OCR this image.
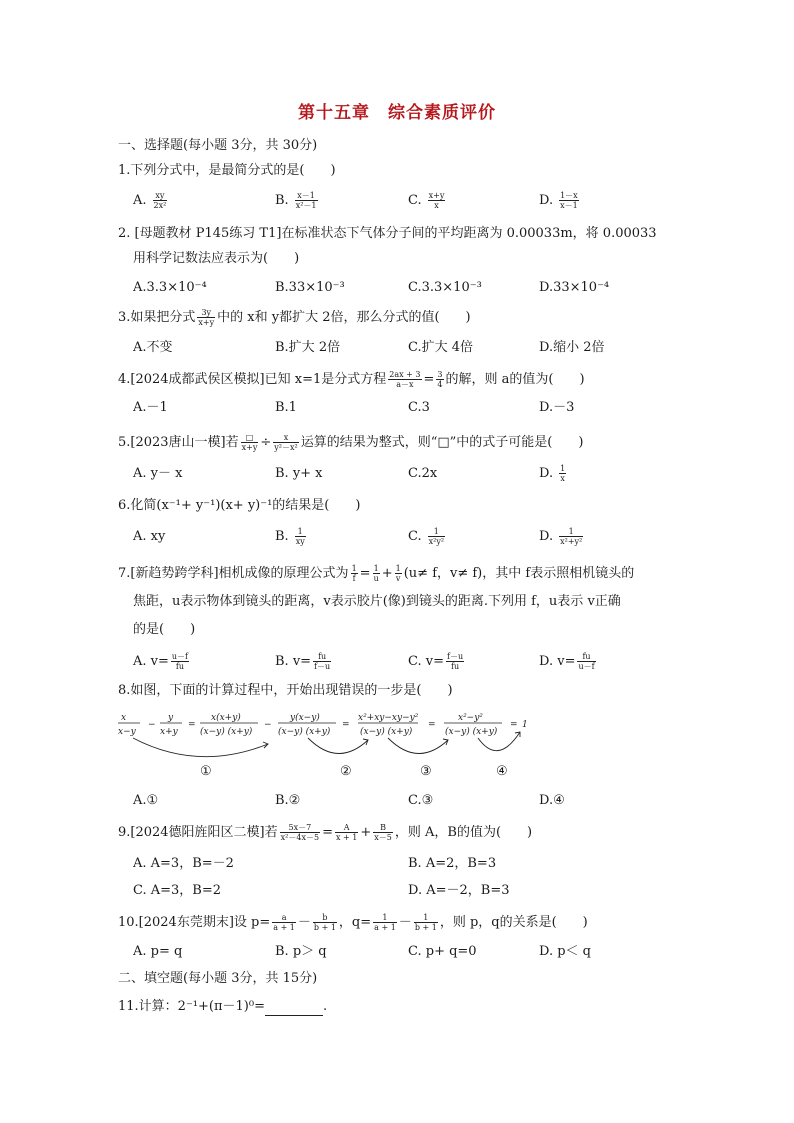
第十五章　综合素质评价
一、选择题(每小题 3分，共 30分)
1.下列分式中，是最简分式的是(　　)
A. $\frac{xy}{\text{2x²}}$	B. $\frac{x-1}{\text{x²－1}}$	C. $\frac{x+y}{x}$	D. $\frac{1-x}{x-1}$
2. [母题教材 P145练习 T1]在标准状态下气体分子间的平均距离为 0.00033m，将 0.00033
用科学记数法应表示为(　　)
A.3.3×10⁻⁴	B.33×10⁻³	C.3.3×10⁻³	D.33×10⁻⁴
3.如果把分式 $\frac{3y}{x+y}$ 中的 x和 y都扩大 2倍，那么分式的值(　　)
A.不变	B.扩大 2倍	C.扩大 4倍	D.缩小 2倍
4.[2024成都武侯区模拟]已知 x=1是分式方程 $\frac{2ax + 3}{a-x} = \frac{3}{4}$ 的解，则 a的值为(　　)
A.－1	B.1	C.3	D.－3
5.[2023唐山一模]若 $\frac{□}{x+y} \div \frac{x}{\text{y²－x²}}$ 运算的结果为整式，则“□”中的式子可能是(　　)
A. y－ x	B. y+ x	C.2x	D. $\frac{1}{x}$
6.化简(x⁻¹+ y⁻¹)(x+ y)⁻¹的结果是(　　)
A. xy	B. $\frac{1}{xy}$	C. $\frac{1}{\text{x²y²}}$	D. $\frac{1}{\text{x²+y²}}$
7.[新趋势跨学科]相机成像的原理公式为 $\frac{1}{f} = \frac{1}{u} + \frac{1}{v} (u\ne f$，v≠ f)，其中 f表示照相机镜头的
焦距，u表示物体到镜头的距离，v表示胶片(像)到镜头的距离.下列用 f，u表示 v正确
的是(　　)
A. $v= \frac{u-f}{fu}$	B. $v= \frac{fu}{f-u}$	C. $v= \frac{f-u}{fu}$	D. $v= \frac{fu}{u-f}$
8.如图，下面的计算过程中，开始出现错误的一步是(　　)
x
x−y
−
y
x+y
=
x(x+y)
(x−y) (x+y)
−
y(x−y)
(x−y) (x+y)
=
x²+xy−xy−y²
(x−y) (x+y)
=
x²−y²
(x−y) (x+y)
= 1
①	②	③	④
A.①	B.②	C.③	D.④
9.[2024德阳旌阳区二模]若 $\frac{5x-7}{\text{x²－4x－5}} = \frac{A}{x + 1} + \frac{B}{x-5}$ ，则 A，B的值为(　　)
A. A=3，B=－2	B. A=2，B=3
C. A=3，B=2	D. A=－2，B=3
10.[2024东莞期末]设 $p= \frac{a}{a + 1} - \frac{b}{b + 1}$ ，$q= \frac{1}{a + 1} - \frac{1}{b + 1}$ ，则 p，q的关系是(　　)
A. p= q	B. p＞ q	C. p+ q=0	D. p＜ q
二、填空题(每小题 3分，共 15分)
11.计算：2⁻¹+(π－1)⁰=	.
